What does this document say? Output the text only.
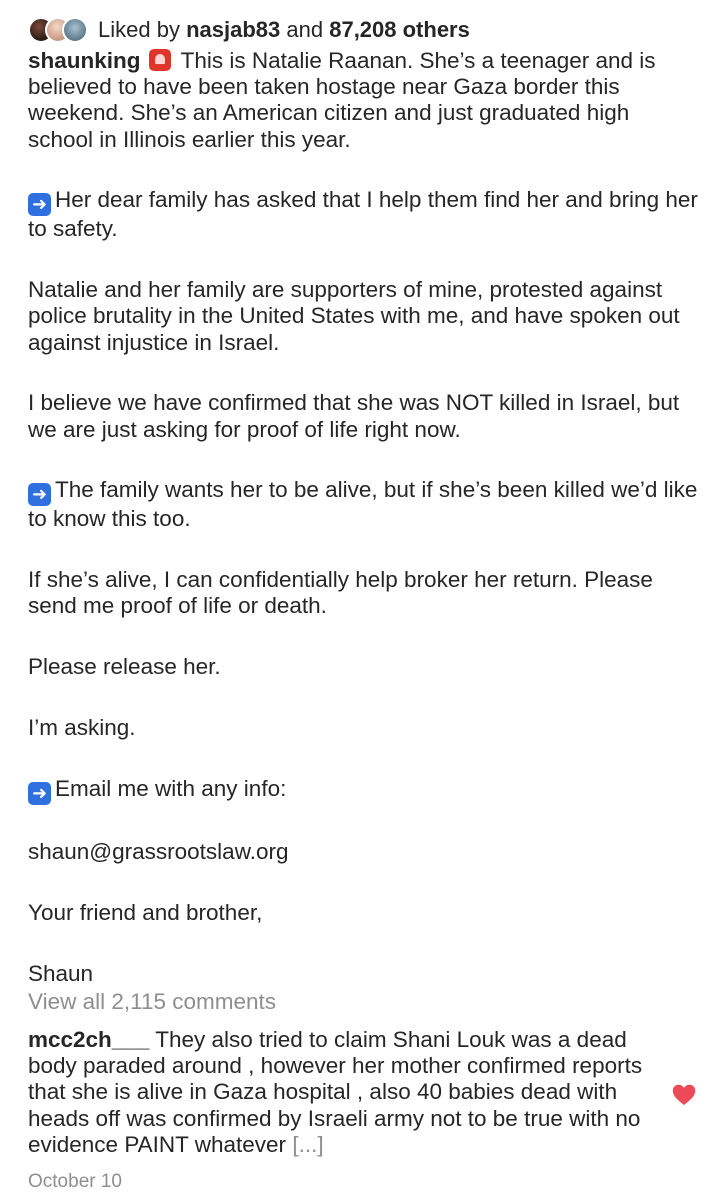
Liked by nasjab83 and 87,208 others
shaunking This is Natalie Raanan. She’s a teenager and is believed to have been taken hostage near Gaza border this weekend. She’s an American citizen and just graduated high school in Illinois earlier this year.
➜ Her dear family has asked that I help them find her and bring her to safety.
Natalie and her family are supporters of mine, protested against police brutality in the United States with me, and have spoken out against injustice in Israel.
I believe we have confirmed that she was NOT killed in Israel, but we are just asking for proof of life right now.
➜ The family wants her to be alive, but if she’s been killed we’d like to know this too.
If she’s alive, I can confidentially help broker her return. Please send me proof of life or death.
Please release her.
I’m asking.
➜ Email me with any info:
shaun@grassrootslaw.org
Your friend and brother,
Shaun
View all 2,115 comments
mcc2ch___ They also tried to claim Shani Louk was a dead body paraded around , however her mother confirmed reports that she is alive in Gaza hospital , also 40 babies dead with heads off was confirmed by Israeli army not to be true with no evidence PAINT whatever [...]
October 10
